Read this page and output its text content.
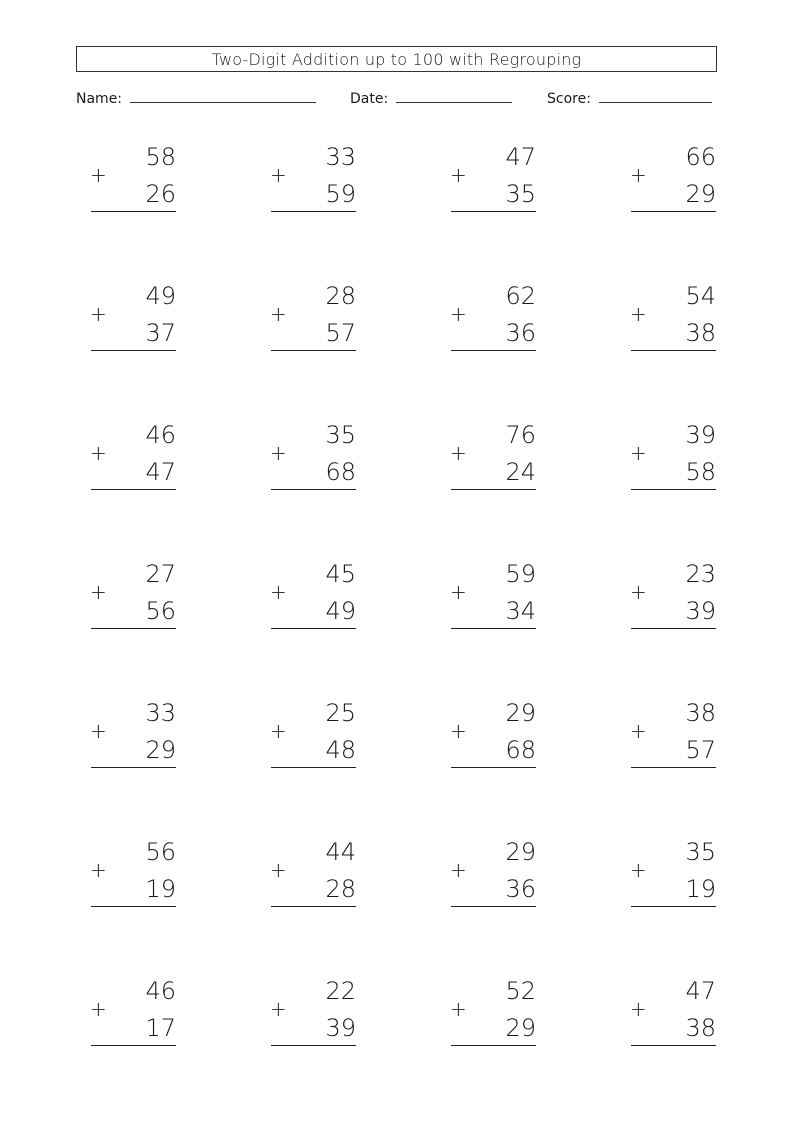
Two-Digit Addition up to 100 with Regrouping
Name:	Date:	Score:
58
+
26
33
+
59
47
+
35
66
+
29
49
+
37
28
+
57
62
+
36
54
+
38
46
+
47
35
+
68
76
+
24
39
+
58
27
+
56
45
+
49
59
+
34
23
+
39
33
+
29
25
+
48
29
+
68
38
+
57
56
+
19
44
+
28
29
+
36
35
+
19
46
+
17
22
+
39
52
+
29
47
+
38
